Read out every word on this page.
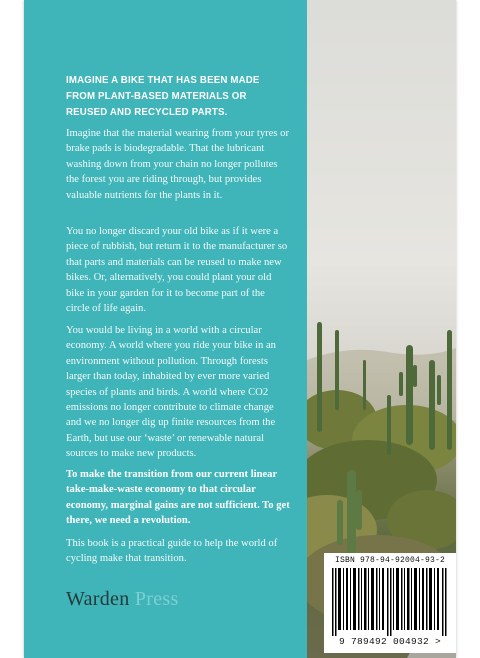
IMAGINE A BIKE THAT HAS BEEN MADE FROM PLANT-BASED MATERIALS OR REUSED AND RECYCLED PARTS.

Imagine that the material wearing from your tyres or brake pads is biodegradable. That the lubricant washing down from your chain no longer pollutes the forest you are riding through, but provides valuable nutrients for the plants in it.

You no longer discard your old bike as if it were a piece of rubbish, but return it to the manufacturer so that parts and materials can be reused to make new bikes. Or, alternatively, you could plant your old bike in your garden for it to become part of the circle of life again.

You would be living in a world with a circular economy. A world where you ride your bike in an environment without pollution. Through forests larger than today, inhabited by ever more varied species of plants and birds. A world where CO2 emissions no longer contribute to climate change and we no longer dig up finite resources from the Earth, but use our ‘waste’ or renewable natural sources to make new products.

To make the transition from our current linear take-make-waste economy to that circular economy, marginal gains are not sufficient. To get there, we need a revolution.

This book is a practical guide to help the world of cycling make that transition.

Warden Press
ISBN 978-94-92004-93-2
9 789492 004932 >
